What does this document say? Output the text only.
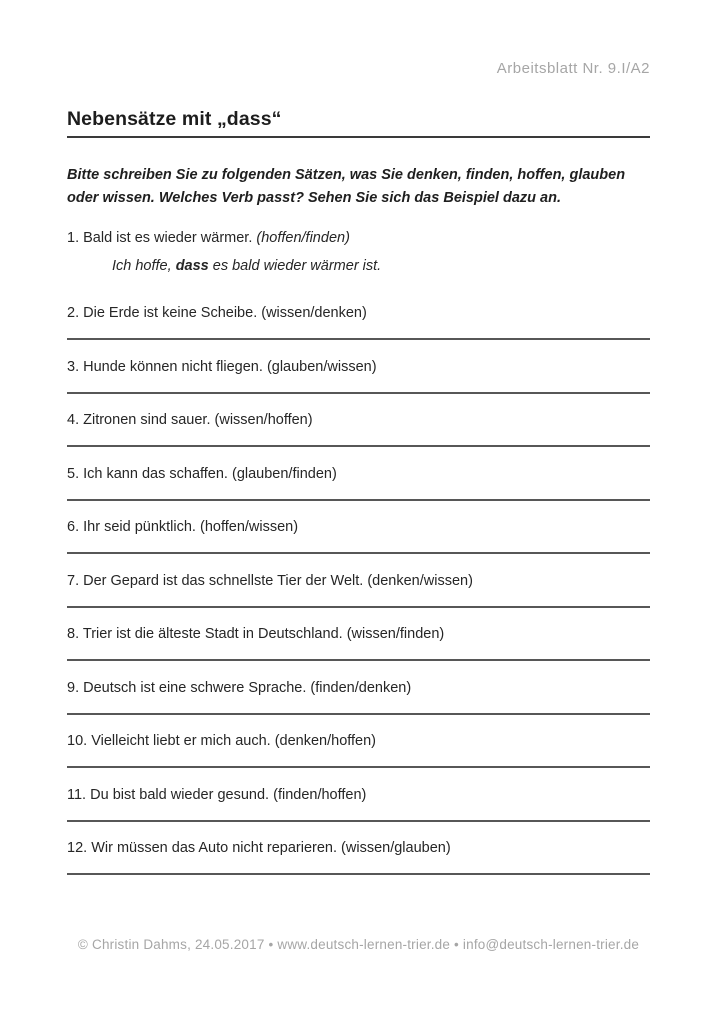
Arbeitsblatt Nr. 9.I/A2
Nebensätze mit „dass“

Bitte schreiben Sie zu folgenden Sätzen, was Sie denken, finden, hoffen, glauben oder wissen. Welches Verb passt? Sehen Sie sich das Beispiel dazu an.

1. Bald ist es wieder wärmer. (hoffen/finden)

Ich hoffe, dass es bald wieder wärmer ist.

2. Die Erde ist keine Scheibe. (wissen/denken)

3. Hunde können nicht fliegen. (glauben/wissen)

4. Zitronen sind sauer. (wissen/hoffen)

5. Ich kann das schaffen. (glauben/finden)

6. Ihr seid pünktlich. (hoffen/wissen)

7. Der Gepard ist das schnellste Tier der Welt. (denken/wissen)

8. Trier ist die älteste Stadt in Deutschland. (wissen/finden)

9. Deutsch ist eine schwere Sprache. (finden/denken)

10. Vielleicht liebt er mich auch. (denken/hoffen)

11. Du bist bald wieder gesund. (finden/hoffen)

12. Wir müssen das Auto nicht reparieren. (wissen/glauben)

© Christin Dahms, 24.05.2017 • www.deutsch-lernen-trier.de • info@deutsch-lernen-trier.de
